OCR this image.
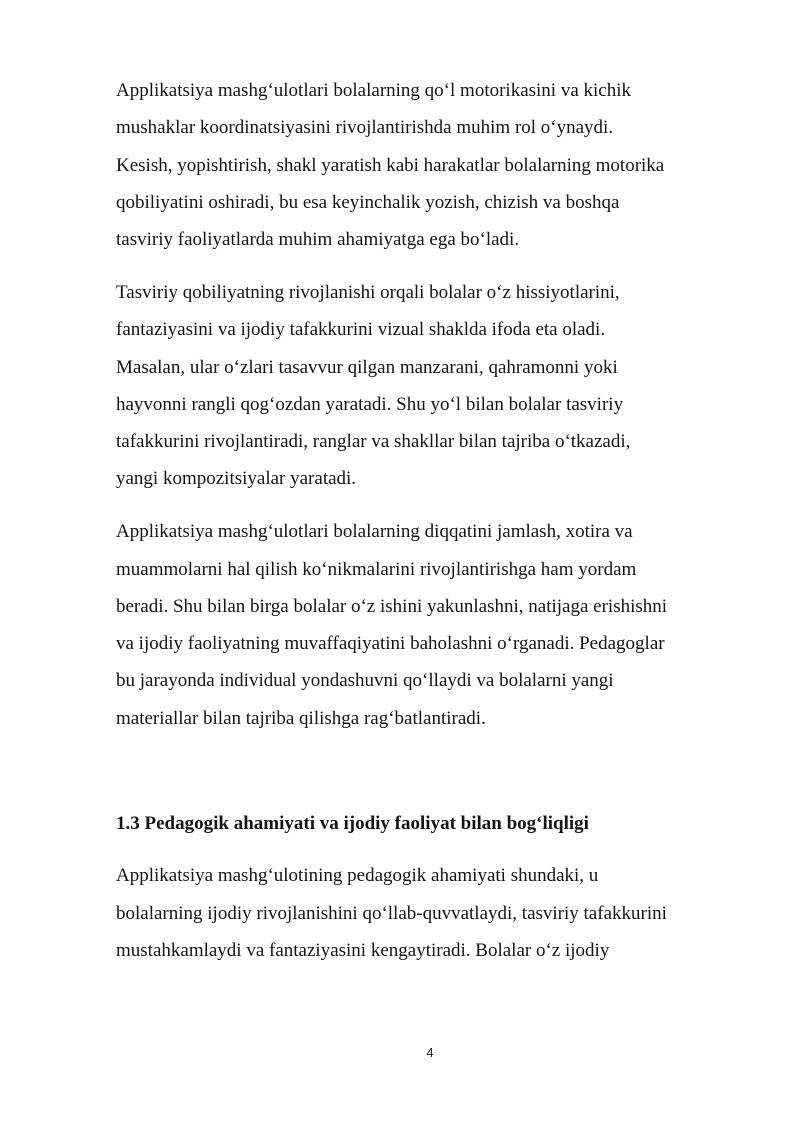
Applikatsiya mashgʻulotlari bolalarning qoʻl motorikasini va kichik
mushaklar koordinatsiyasini rivojlantirishda muhim rol oʻynaydi.
Kesish, yopishtirish, shakl yaratish kabi harakatlar bolalarning motorika
qobiliyatini oshiradi, bu esa keyinchalik yozish, chizish va boshqa
tasviriy faoliyatlarda muhim ahamiyatga ega boʻladi.

Tasviriy qobiliyatning rivojlanishi orqali bolalar oʻz hissiyotlarini,
fantaziyasini va ijodiy tafakkurini vizual shaklda ifoda eta oladi.
Masalan, ular oʻzlari tasavvur qilgan manzarani, qahramonni yoki
hayvonni rangli qogʻozdan yaratadi. Shu yoʻl bilan bolalar tasviriy
tafakkurini rivojlantiradi, ranglar va shakllar bilan tajriba oʻtkazadi,
yangi kompozitsiyalar yaratadi.

Applikatsiya mashgʻulotlari bolalarning diqqatini jamlash, xotira va
muammolarni hal qilish koʻnikmalarini rivojlantirishga ham yordam
beradi. Shu bilan birga bolalar oʻz ishini yakunlashni, natijaga erishishni
va ijodiy faoliyatning muvaffaqiyatini baholashni oʻrganadi. Pedagoglar
bu jarayonda individual yondashuvni qoʻllaydi va bolalarni yangi
materiallar bilan tajriba qilishga ragʻbatlantiradi.

1.3 Pedagogik ahamiyati va ijodiy faoliyat bilan bogʻliqligi

Applikatsiya mashgʻulotining pedagogik ahamiyati shundaki, u
bolalarning ijodiy rivojlanishini qoʻllab-quvvatlaydi, tasviriy tafakkurini
mustahkamlaydi va fantaziyasini kengaytiradi. Bolalar oʻz ijodiy

4
